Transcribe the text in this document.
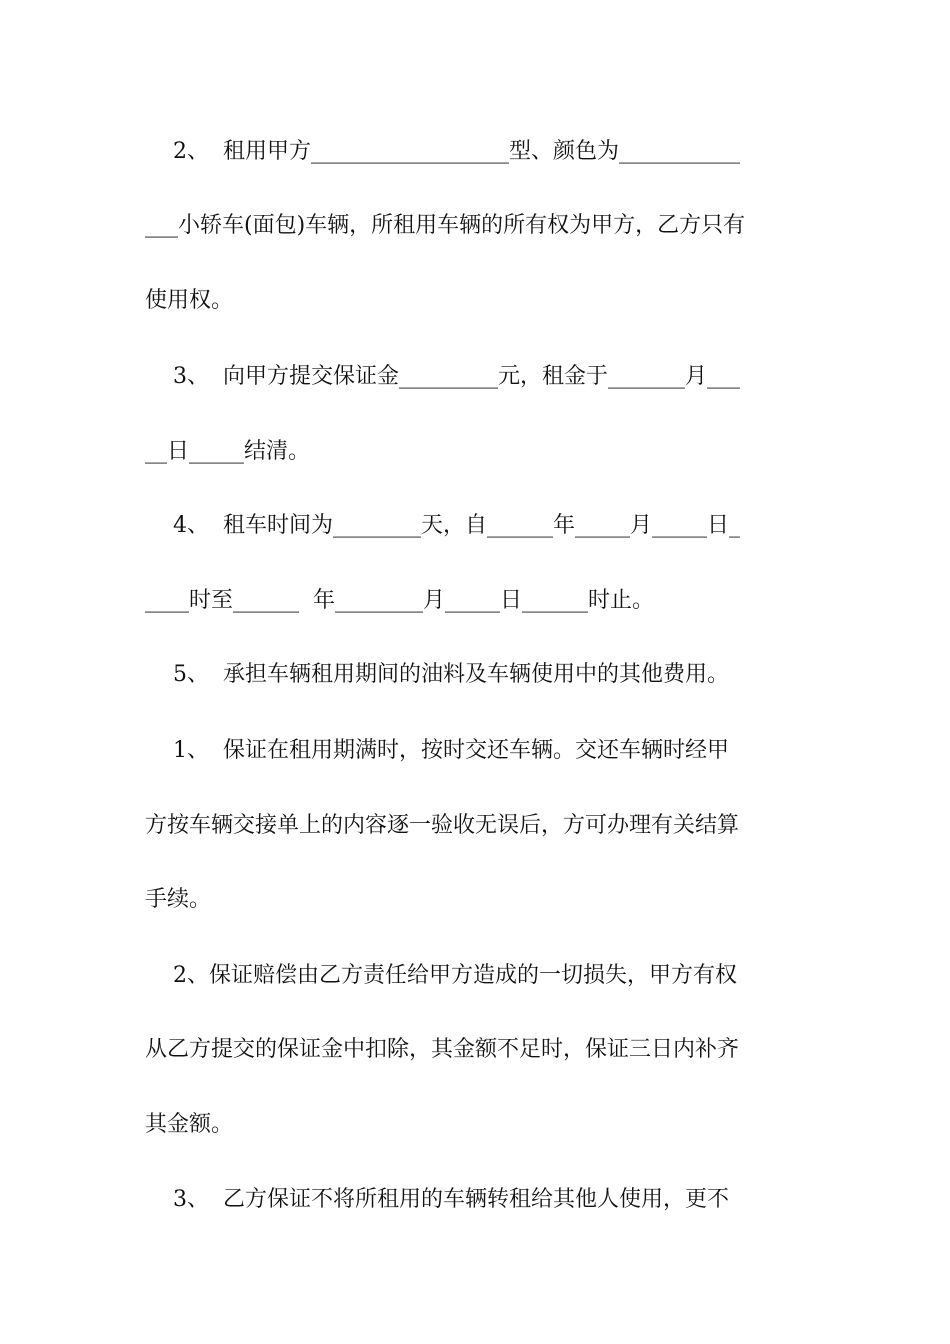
2、  租用甲方__________________型、颜色为___________
___小轿车(面包)车辆，所租用车辆的所有权为甲方，乙方只有
使用权。
3、  向甲方提交保证金_________元，租金于_______月___
__日_____结清。
4、  租车时间为________天，自______年_____月_____日_
____时至______  年________月_____日______时止。
5、  承担车辆租用期间的油料及车辆使用中的其他费用。
1、  保证在租用期满时，按时交还车辆。交还车辆时经甲
方按车辆交接单上的内容逐一验收无误后，方可办理有关结算
手续。
2、保证赔偿由乙方责任给甲方造成的一切损失，甲方有权
从乙方提交的保证金中扣除，其金额不足时，保证三日内补齐
其金额。
3、  乙方保证不将所租用的车辆转租给其他人使用，更不
